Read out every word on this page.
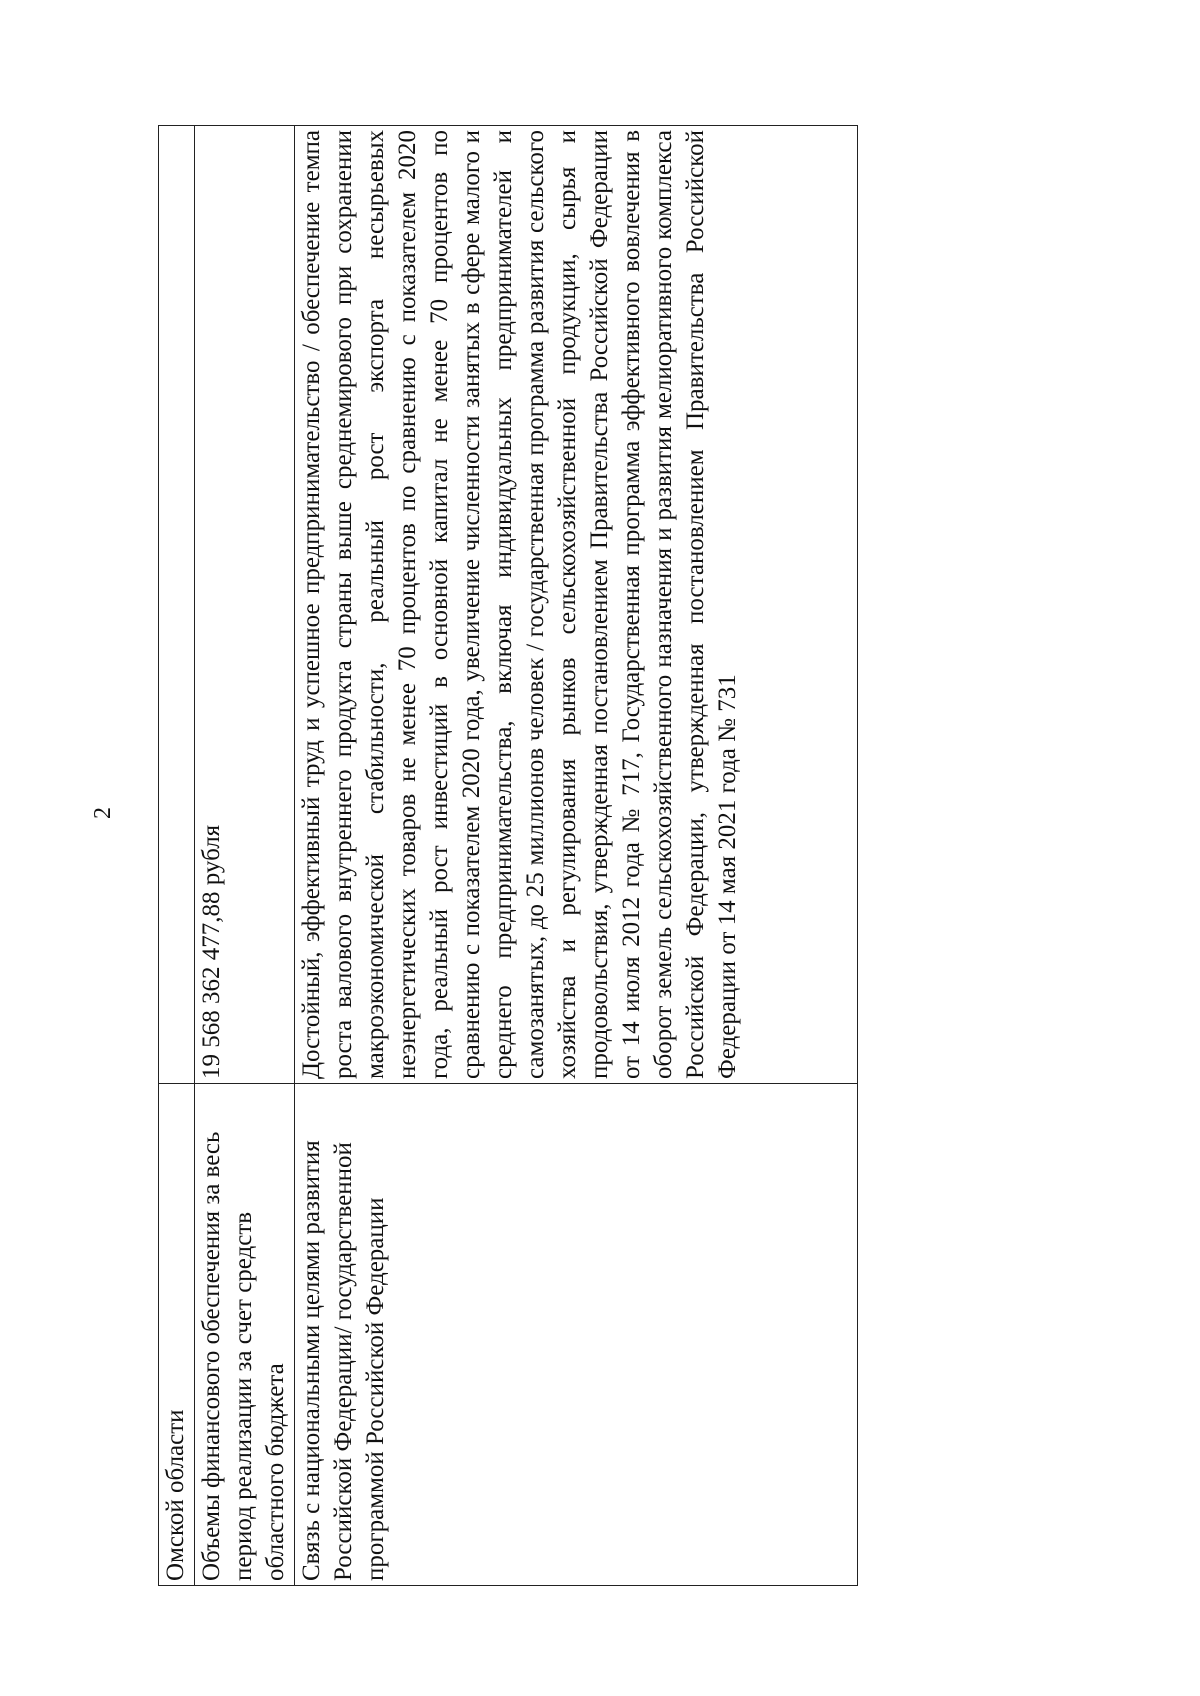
2
Омской области	
Объемы финансового обеспечения за весь период реализации за счет средств областного бюджета	19 568 362 477,88 рубля
Связь с национальными целями развития Российской Федерации/ государственной программой Российской Федерации	Достойный, эффективный труд и успешное предпринимательство / обеспечение темпа роста валового внутреннего продукта страны выше среднемирового при сохранении макроэкономической стабильности, реальный рост экспорта несырьевых неэнергетических товаров не менее 70 процентов по сравнению с показателем 2020 года, реальный рост инвестиций в основной капитал не менее 70 процентов по сравнению с показателем 2020 года, увеличение численности занятых в сфере малого и среднего предпринимательства, включая индивидуальных предпринимателей и самозанятых, до 25 миллионов человек / государственная программа развития сельского хозяйства и регулирования рынков сельскохозяйственной продукции, сырья и продовольствия, утвержденная постановлением Правительства Российской Федерации от 14 июля 2012 года № 717, Государственная программа эффективного вовлечения в оборот земель сельскохозяйственного назначения и развития мелиоративного комплекса Российской Федерации, утвержденная постановлением Правительства Российской Федерации от 14 мая 2021 года № 731
